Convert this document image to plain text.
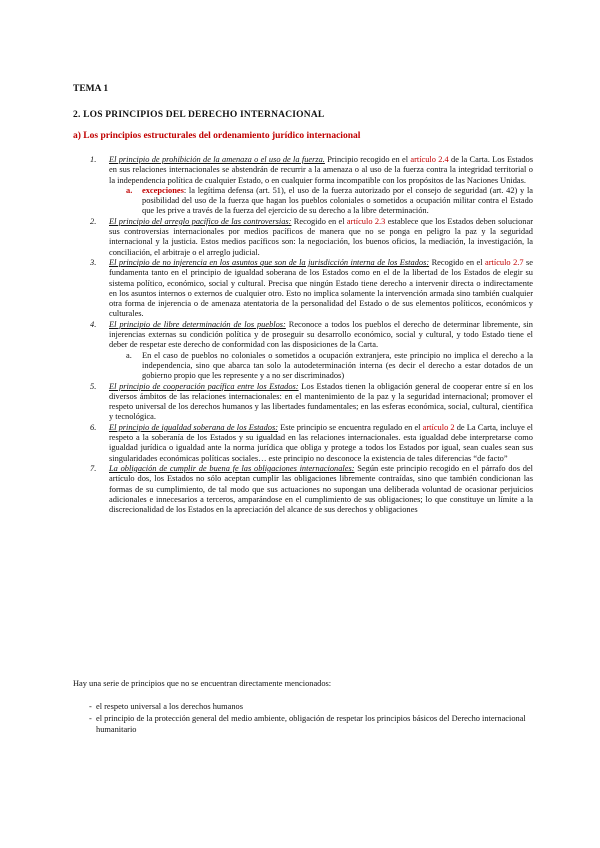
TEMA 1

2. LOS PRINCIPIOS DEL DERECHO INTERNACIONAL

a) Los principios estructurales del ordenamiento jurídico internacional

1. El principio de prohibición de la amenaza o el uso de la fuerza. Principio recogido en el artículo 2.4 de la Carta. Los Estados en sus relaciones internacionales se abstendrán de recurrir a la amenaza o al uso de la fuerza contra la integridad territorial o la independencia política de cualquier Estado, o en cualquier forma incompatible con los propósitos de las Naciones Unidas.
a. excepciones: la legítima defensa (art. 51), el uso de la fuerza autorizado por el consejo de seguridad (art. 42) y la posibilidad del uso de la fuerza que hagan los pueblos coloniales o sometidos a ocupación militar contra el Estado que les prive a través de la fuerza del ejercicio de su derecho a la libre determinación.
2. El principio del arreglo pacífico de las controversias: Recogido en el artículo 2.3 establece que los Estados deben solucionar sus controversias internacionales por medios pacíficos de manera que no se ponga en peligro la paz y la seguridad internacional y la justicia. Estos medios pacíficos son: la negociación, los buenos oficios, la mediación, la investigación, la conciliación, el arbitraje o el arreglo judicial.
3. El principio de no injerencia en los asuntos que son de la jurisdicción interna de los Estados: Recogido en el artículo 2.7 se fundamenta tanto en el principio de igualdad soberana de los Estados como en el de la libertad de los Estados de elegir su sistema político, económico, social y cultural. Precisa que ningún Estado tiene derecho a intervenir directa o indirectamente en los asuntos internos o externos de cualquier otro. Esto no implica solamente la intervención armada sino también cualquier otra forma de injerencia o de amenaza atentatoria de la personalidad del Estado o de sus elementos políticos, económicos y culturales.
4. El principio de libre determinación de los pueblos: Reconoce a todos los pueblos el derecho de determinar libremente, sin injerencias externas su condición política y de proseguir su desarrollo económico, social y cultural, y todo Estado tiene el deber de respetar este derecho de conformidad con las disposiciones de la Carta.
a. En el caso de pueblos no coloniales o sometidos a ocupación extranjera, este principio no implica el derecho a la independencia, sino que abarca tan solo la autodeterminación interna (es decir el derecho a estar dotados de un gobierno propio que les represente y a no ser discriminados)
5. El principio de cooperación pacífica entre los Estados: Los Estados tienen la obligación general de cooperar entre sí en los diversos ámbitos de las relaciones internacionales: en el mantenimiento de la paz y la seguridad internacional; promover el respeto universal de los derechos humanos y las libertades fundamentales; en las esferas económica, social, cultural, científica y tecnológica.
6. El principio de igualdad soberana de los Estados: Este principio se encuentra regulado en el artículo 2 de La Carta, incluye el respeto a la soberanía de los Estados y su igualdad en las relaciones internacionales. esta igualdad debe interpretarse como igualdad jurídica o igualdad ante la norma jurídica que obliga y protege a todos los Estados por igual, sean cuales sean sus singularidades económicas políticas sociales… este principio no desconoce la existencia de tales diferencias “de facto”
7. La obligación de cumplir de buena fe las obligaciones internacionales: Según este principio recogido en el párrafo dos del artículo dos, los Estados no sólo aceptan cumplir las obligaciones libremente contraídas, sino que también condicionan las formas de su cumplimiento, de tal modo que sus actuaciones no supongan una deliberada voluntad de ocasionar perjuicios adicionales e innecesarios a terceros, amparándose en el cumplimiento de sus obligaciones; lo que constituye un límite a la discrecionalidad de los Estados en la apreciación del alcance de sus derechos y obligaciones

Hay una serie de principios que no se encuentran directamente mencionados:

- el respeto universal a los derechos humanos
- el principio de la protección general del medio ambiente, obligación de respetar los principios básicos del Derecho internacional humanitario
